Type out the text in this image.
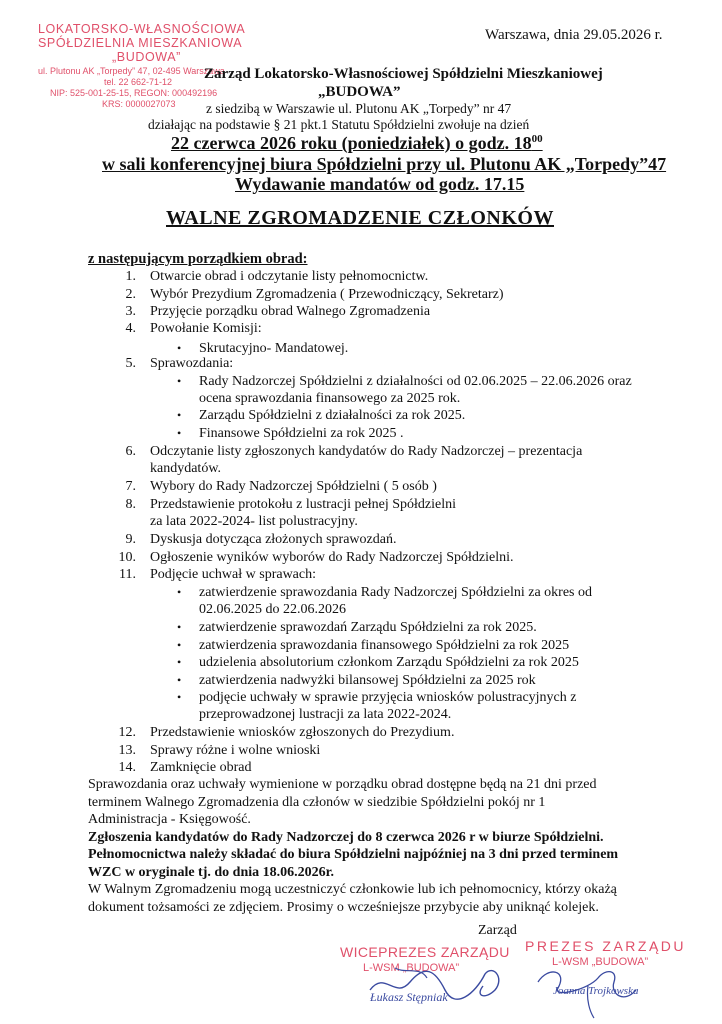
LOKATORSKO-WŁASNOŚCIOWA
SPÓŁDZIELNIA MIESZKANIOWA
„BUDOWA”
ul. Plutonu AK „Torpedy” 47, 02-495 Warszawa
tel. 22 662-71-12
NIP: 525-001-25-15, REGON: 000492196
KRS: 0000027073
Warszawa, dnia 29.05.2026 r.
Zarząd Lokatorsko-Własnościowej Spółdzielni Mieszkaniowej
„BUDOWA”
z siedzibą w Warszawie ul. Plutonu AK „Torpedy” nr 47
działając na podstawie § 21 pkt.1 Statutu Spółdzielni zwołuje na dzień
22 czerwca 2026 roku (poniedziałek) o godz. $18^{00}$
w sali konferencyjnej biura Spółdzielni przy ul. Plutonu AK „Torpedy”47
Wydawanie mandatów od godz. 17.15
WALNE ZGROMADZENIE CZŁONKÓW
z następującym porządkiem obrad:
1. Otwarcie obrad i odczytanie listy pełnomocnictw.
2. Wybór Prezydium Zgromadzenia ( Przewodniczący, Sekretarz)
3. Przyjęcie porządku obrad Walnego Zgromadzenia
4. Powołanie Komisji:
• Skrutacyjno- Mandatowej.
5. Sprawozdania:
• Rady Nadzorczej Spółdzielni z działalności od 02.06.2025 – 22.06.2026 oraz
ocena sprawozdania finansowego za 2025 rok.
• Zarządu Spółdzielni z działalności za rok 2025.
• Finansowe Spółdzielni za rok 2025 .
6. Odczytanie listy zgłoszonych kandydatów do Rady Nadzorczej – prezentacja
kandydatów.
7. Wybory do Rady Nadzorczej Spółdzielni ( 5 osób )
8. Przedstawienie protokołu z lustracji pełnej Spółdzielni
za lata 2022-2024- list polustracyjny.
9. Dyskusja dotycząca złożonych sprawozdań.
10. Ogłoszenie wyników wyborów do Rady Nadzorczej Spółdzielni.
11. Podjęcie uchwał w sprawach:
• zatwierdzenie sprawozdania Rady Nadzorczej Spółdzielni za okres od
02.06.2025 do 22.06.2026
• zatwierdzenie sprawozdań Zarządu Spółdzielni za rok 2025.
• zatwierdzenia sprawozdania finansowego Spółdzielni za rok 2025
• udzielenia absolutorium członkom Zarządu Spółdzielni za rok 2025
• zatwierdzenia nadwyżki bilansowej Spółdzielni za 2025 rok
• podjęcie uchwały w sprawie przyjęcia wniosków polustracyjnych z
przeprowadzonej lustracji za lata 2022-2024.
12. Przedstawienie wniosków zgłoszonych do Prezydium.
13. Sprawy różne i wolne wnioski
14. Zamknięcie obrad
Sprawozdania oraz uchwały wymienione w porządku obrad dostępne będą na 21 dni przed
terminem Walnego Zgromadzenia dla członów w siedzibie Spółdzielni pokój nr 1
Administracja - Księgowość.
Zgłoszenia kandydatów do Rady Nadzorczej do 8 czerwca 2026 r w biurze Spółdzielni.
Pełnomocnictwa należy składać do biura Spółdzielni najpóźniej na 3 dni przed terminem
WZC w oryginale tj. do dnia 18.06.2026r.
W Walnym Zgromadzeniu mogą uczestniczyć członkowie lub ich pełnomocnicy, którzy okażą
dokument tożsamości ze zdjęciem. Prosimy o wcześniejsze przybycie aby uniknąć kolejek.
Zarząd
WICEPREZES ZARZĄDU
L-WSM „BUDOWA”
Łukasz Stępniak
PREZES ZARZĄDU
L-WSM „BUDOWA”
Joanna Trojkowska
